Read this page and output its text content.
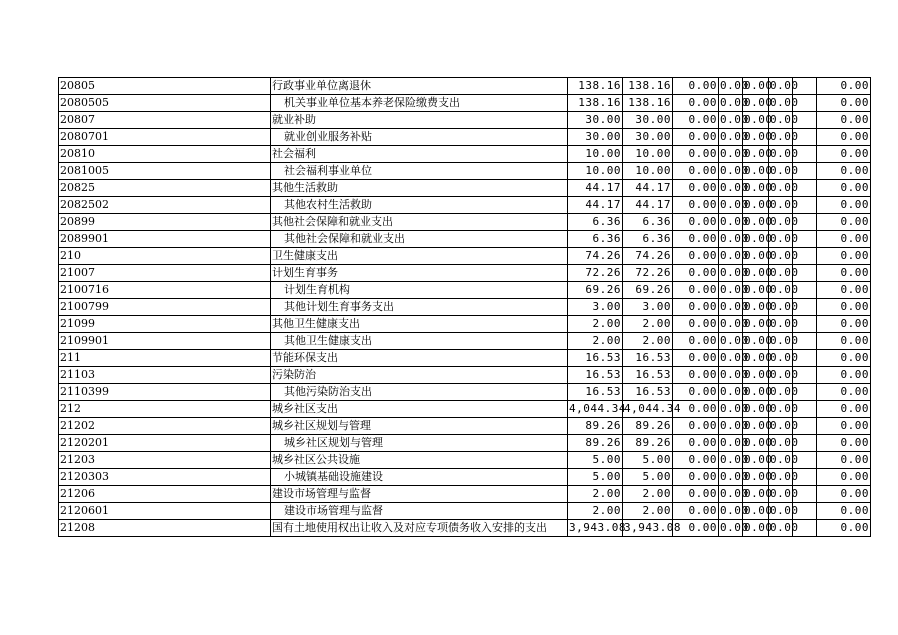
20805	行政事业单位离退休	138.16	138.16	0.00	0.00	0.00	0.00		0.00
2080505	机关事业单位基本养老保险缴费支出	138.16	138.16	0.00	0.00	0.00	0.00		0.00
20807	就业补助	30.00	30.00	0.00	0.00	0.00	0.00		0.00
2080701	就业创业服务补贴	30.00	30.00	0.00	0.00	0.00	0.00		0.00
20810	社会福利	10.00	10.00	0.00	0.00	0.00	0.00		0.00
2081005	社会福利事业单位	10.00	10.00	0.00	0.00	0.00	0.00		0.00
20825	其他生活救助	44.17	44.17	0.00	0.00	0.00	0.00		0.00
2082502	其他农村生活救助	44.17	44.17	0.00	0.00	0.00	0.00		0.00
20899	其他社会保障和就业支出	6.36	6.36	0.00	0.00	0.00	0.00		0.00
2089901	其他社会保障和就业支出	6.36	6.36	0.00	0.00	0.00	0.00		0.00
210	卫生健康支出	74.26	74.26	0.00	0.00	0.00	0.00		0.00
21007	计划生育事务	72.26	72.26	0.00	0.00	0.00	0.00		0.00
2100716	计划生育机构	69.26	69.26	0.00	0.00	0.00	0.00		0.00
2100799	其他计划生育事务支出	3.00	3.00	0.00	0.00	0.00	0.00		0.00
21099	其他卫生健康支出	2.00	2.00	0.00	0.00	0.00	0.00		0.00
2109901	其他卫生健康支出	2.00	2.00	0.00	0.00	0.00	0.00		0.00
211	节能环保支出	16.53	16.53	0.00	0.00	0.00	0.00		0.00
21103	污染防治	16.53	16.53	0.00	0.00	0.00	0.00		0.00
2110399	其他污染防治支出	16.53	16.53	0.00	0.00	0.00	0.00		0.00
212	城乡社区支出	4,044.34	4,044.34	0.00	0.00	0.00	0.00		0.00
21202	城乡社区规划与管理	89.26	89.26	0.00	0.00	0.00	0.00		0.00
2120201	城乡社区规划与管理	89.26	89.26	0.00	0.00	0.00	0.00		0.00
21203	城乡社区公共设施	5.00	5.00	0.00	0.00	0.00	0.00		0.00
2120303	小城镇基础设施建设	5.00	5.00	0.00	0.00	0.00	0.00		0.00
21206	建设市场管理与监督	2.00	2.00	0.00	0.00	0.00	0.00		0.00
2120601	建设市场管理与监督	2.00	2.00	0.00	0.00	0.00	0.00		0.00
21208	国有土地使用权出让收入及对应专项债务收入安排的支出	3,943.08	3,943.08	0.00	0.00	0.00	0.00		0.00
